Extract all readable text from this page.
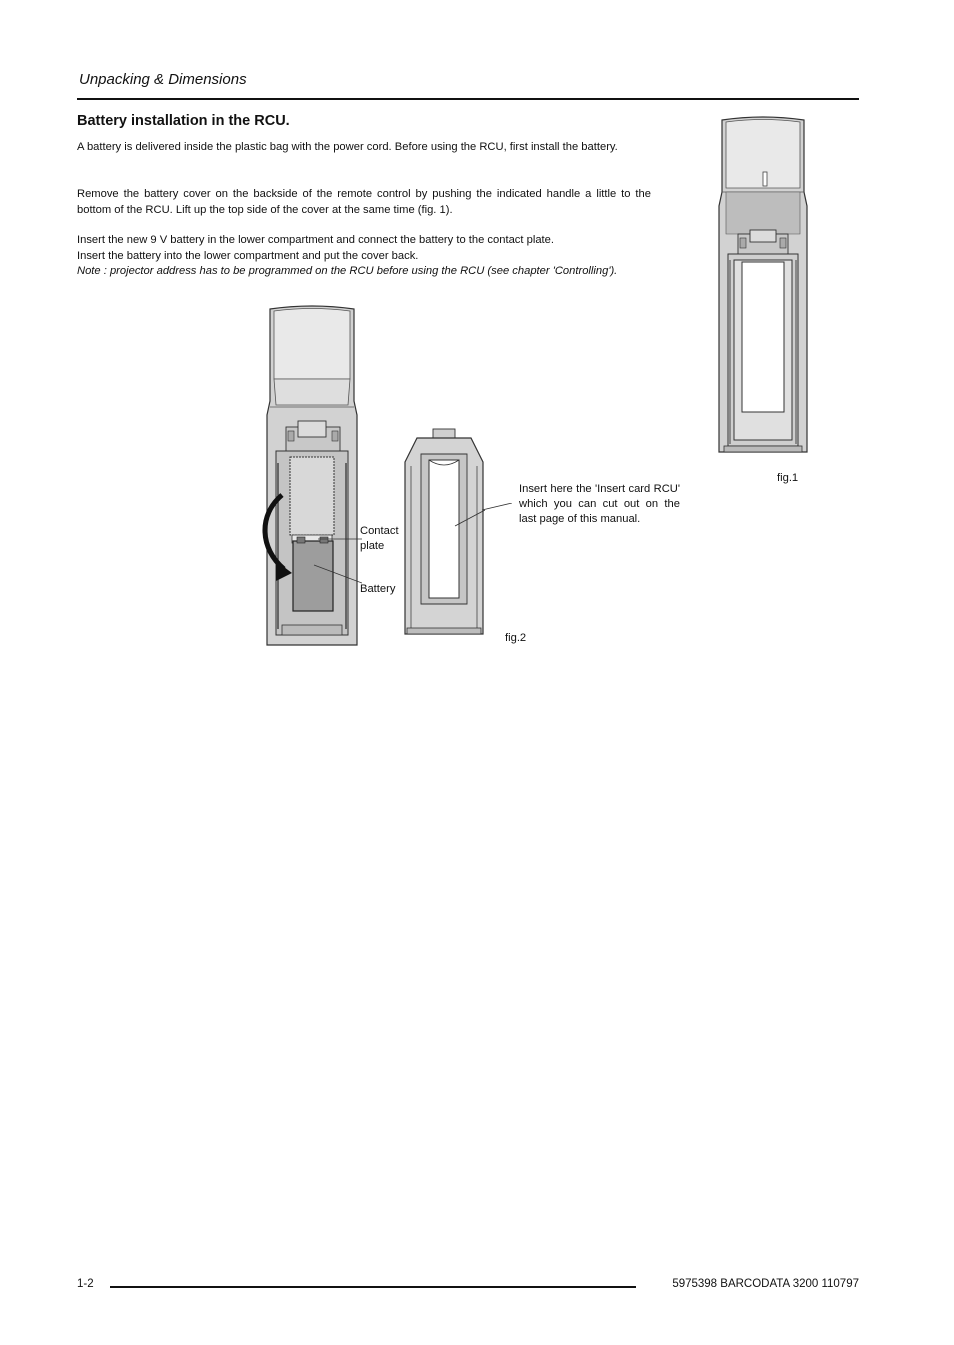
Unpacking & Dimensions
Battery installation in the RCU.
A battery is delivered inside the plastic bag with the power cord. Before using the RCU, first install the battery.
Remove the battery cover on the backside of the remote control by pushing the indicated handle a little to the bottom of the RCU. Lift up the top side of the cover at the same time (fig. 1).
Insert the new 9 V battery in the lower compartment and connect the battery to the contact plate.
Insert the battery into the lower compartment and put the cover back.
Note : projector address has to be programmed on the RCU before using the RCU (see chapter 'Controlling').
fig.1
Insert here the 'Insert card RCU' which you can cut out on the last page of this manual.
Contact plate
Battery
fig.2
1-2	5975398 BARCODATA 3200 110797
